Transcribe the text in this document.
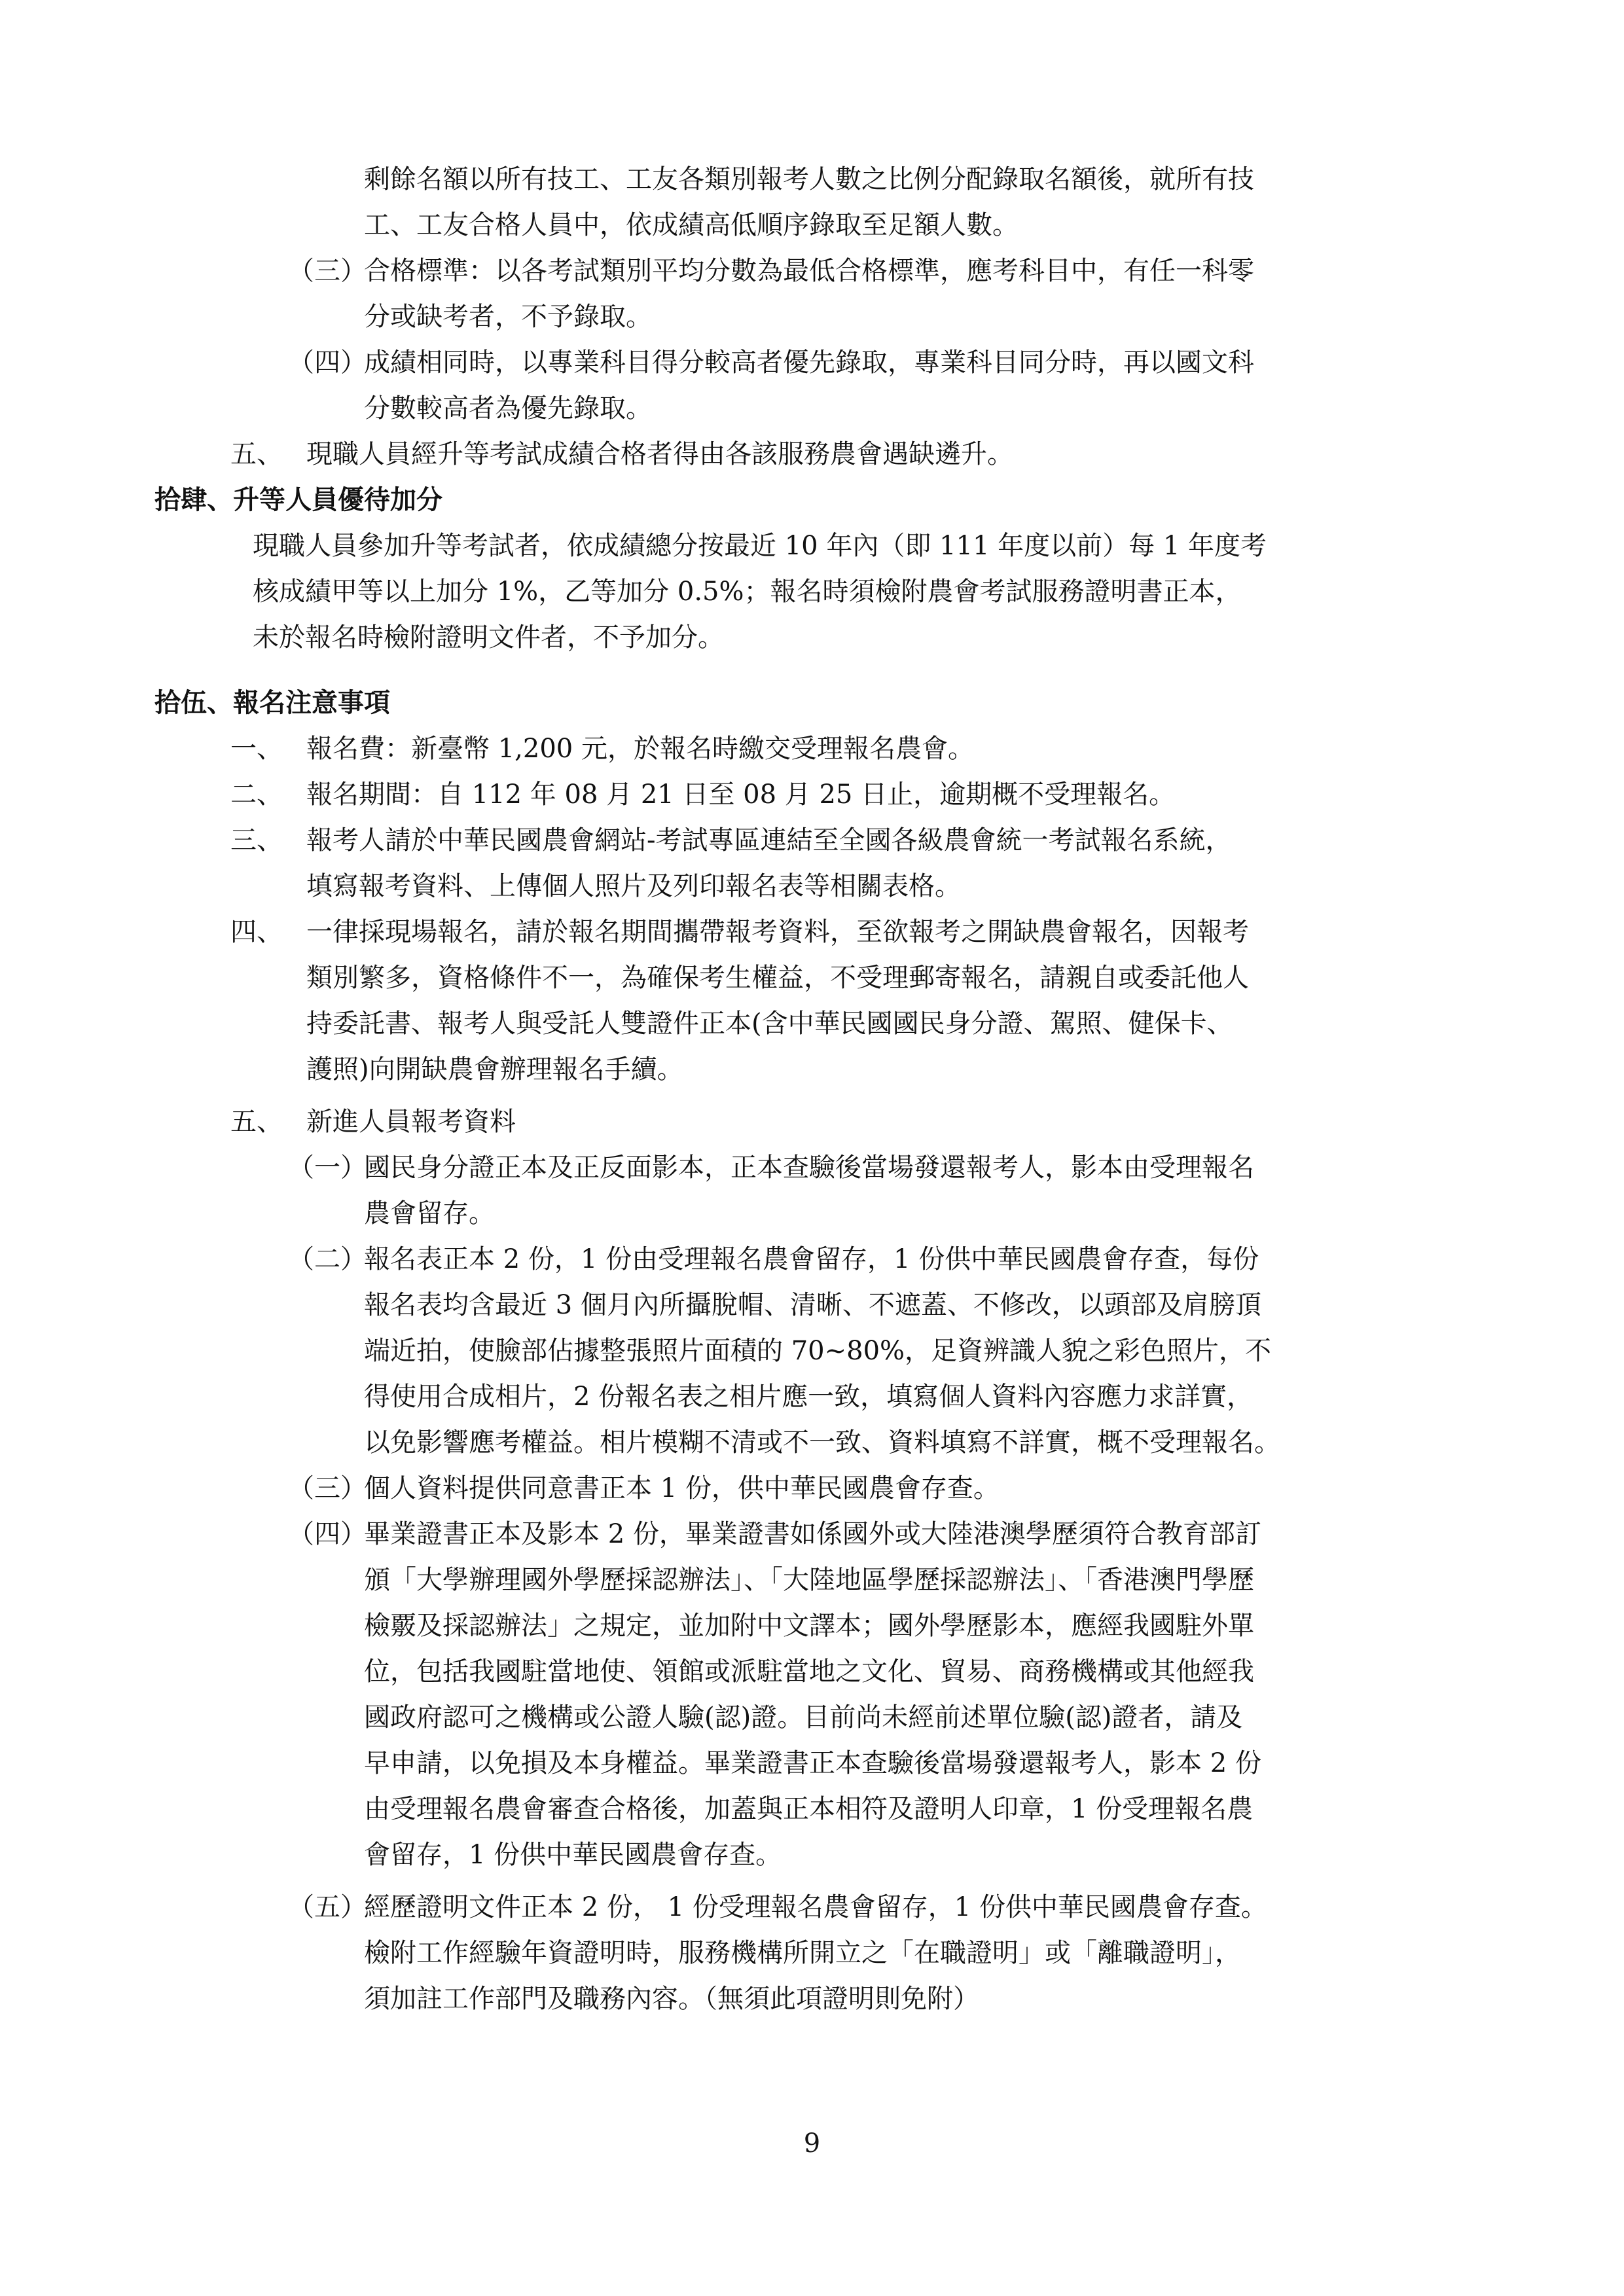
剩餘名額以所有技工、工友各類別報考人數之比例分配錄取名額後，就所有技
工、工友合格人員中，依成績高低順序錄取至足額人數。
（三）
合格標準：以各考試類別平均分數為最低合格標準，應考科目中，有任一科零
分或缺考者，不予錄取。
（四）
成績相同時，以專業科目得分較高者優先錄取，專業科目同分時，再以國文科
分數較高者為優先錄取。
五、 現職人員經升等考試成績合格者得由各該服務農會遇缺遴升。
拾肆、升等人員優待加分
現職人員參加升等考試者，依成績總分按最近 10 年內（即 111 年度以前）每 1 年度考
核成績甲等以上加分 1%，乙等加分 0.5%；報名時須檢附農會考試服務證明書正本，
未於報名時檢附證明文件者，不予加分。
拾伍、報名注意事項
一、 報名費：新臺幣 1,200 元，於報名時繳交受理報名農會。
二、 報名期間：自 112 年 08 月 21 日至 08 月 25 日止，逾期概不受理報名。
三、 報考人請於中華民國農會網站-考試專區連結至全國各級農會統一考試報名系統，
填寫報考資料、上傳個人照片及列印報名表等相關表格。
四、 一律採現場報名，請於報名期間攜帶報考資料，至欲報考之開缺農會報名，因報考
類別繁多，資格條件不一，為確保考生權益，不受理郵寄報名，請親自或委託他人
持委託書、報考人與受託人雙證件正本(含中華民國國民身分證、駕照、健保卡、
護照)向開缺農會辦理報名手續。
五、 新進人員報考資料
（一）
國民身分證正本及正反面影本，正本查驗後當場發還報考人，影本由受理報名
農會留存。
（二）
報名表正本 2 份，1 份由受理報名農會留存，1 份供中華民國農會存查，每份
報名表均含最近 3 個月內所攝脫帽、清晰、不遮蓋、不修改，以頭部及肩膀頂
端近拍，使臉部佔據整張照片面積的 70~80%，足資辨識人貌之彩色照片，不
得使用合成相片，2 份報名表之相片應一致，填寫個人資料內容應力求詳實，
以免影響應考權益。相片模糊不清或不一致、資料填寫不詳實，概不受理報名。
（三）
個人資料提供同意書正本 1 份，供中華民國農會存查。
（四）
畢業證書正本及影本 2 份，畢業證書如係國外或大陸港澳學歷須符合教育部訂
頒「大學辦理國外學歷採認辦法」、「大陸地區學歷採認辦法」、「香港澳門學歷
檢覈及採認辦法」之規定，並加附中文譯本；國外學歷影本，應經我國駐外單
位，包括我國駐當地使、領館或派駐當地之文化、貿易、商務機構或其他經我
國政府認可之機構或公證人驗(認)證。目前尚未經前述單位驗(認)證者，請及
早申請，以免損及本身權益。畢業證書正本查驗後當場發還報考人，影本 2 份
由受理報名農會審查合格後，加蓋與正本相符及證明人印章，1 份受理報名農
會留存，1 份供中華民國農會存查。
（五）
經歷證明文件正本 2 份， 1 份受理報名農會留存，1 份供中華民國農會存查。
檢附工作經驗年資證明時，服務機構所開立之「在職證明」或「離職證明」，
須加註工作部門及職務內容。（無須此項證明則免附）
9
